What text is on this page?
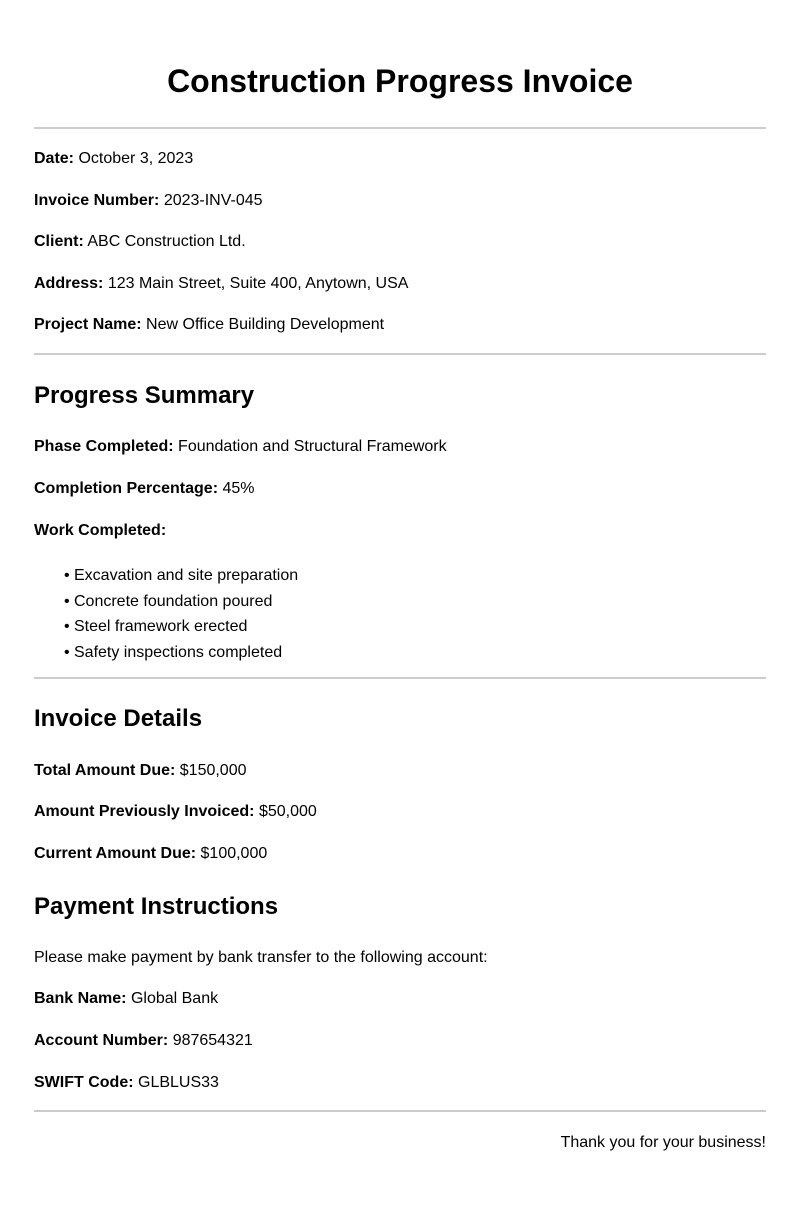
Construction Progress Invoice
Date: October 3, 2023
Invoice Number: 2023-INV-045
Client: ABC Construction Ltd.
Address: 123 Main Street, Suite 400, Anytown, USA
Project Name: New Office Building Development
Progress Summary
Phase Completed: Foundation and Structural Framework
Completion Percentage: 45%
Work Completed:
• Excavation and site preparation
• Concrete foundation poured
• Steel framework erected
• Safety inspections completed
Invoice Details
Total Amount Due: $150,000
Amount Previously Invoiced: $50,000
Current Amount Due: $100,000
Payment Instructions
Please make payment by bank transfer to the following account:
Bank Name: Global Bank
Account Number: 987654321
SWIFT Code: GLBLUS33
Thank you for your business!
